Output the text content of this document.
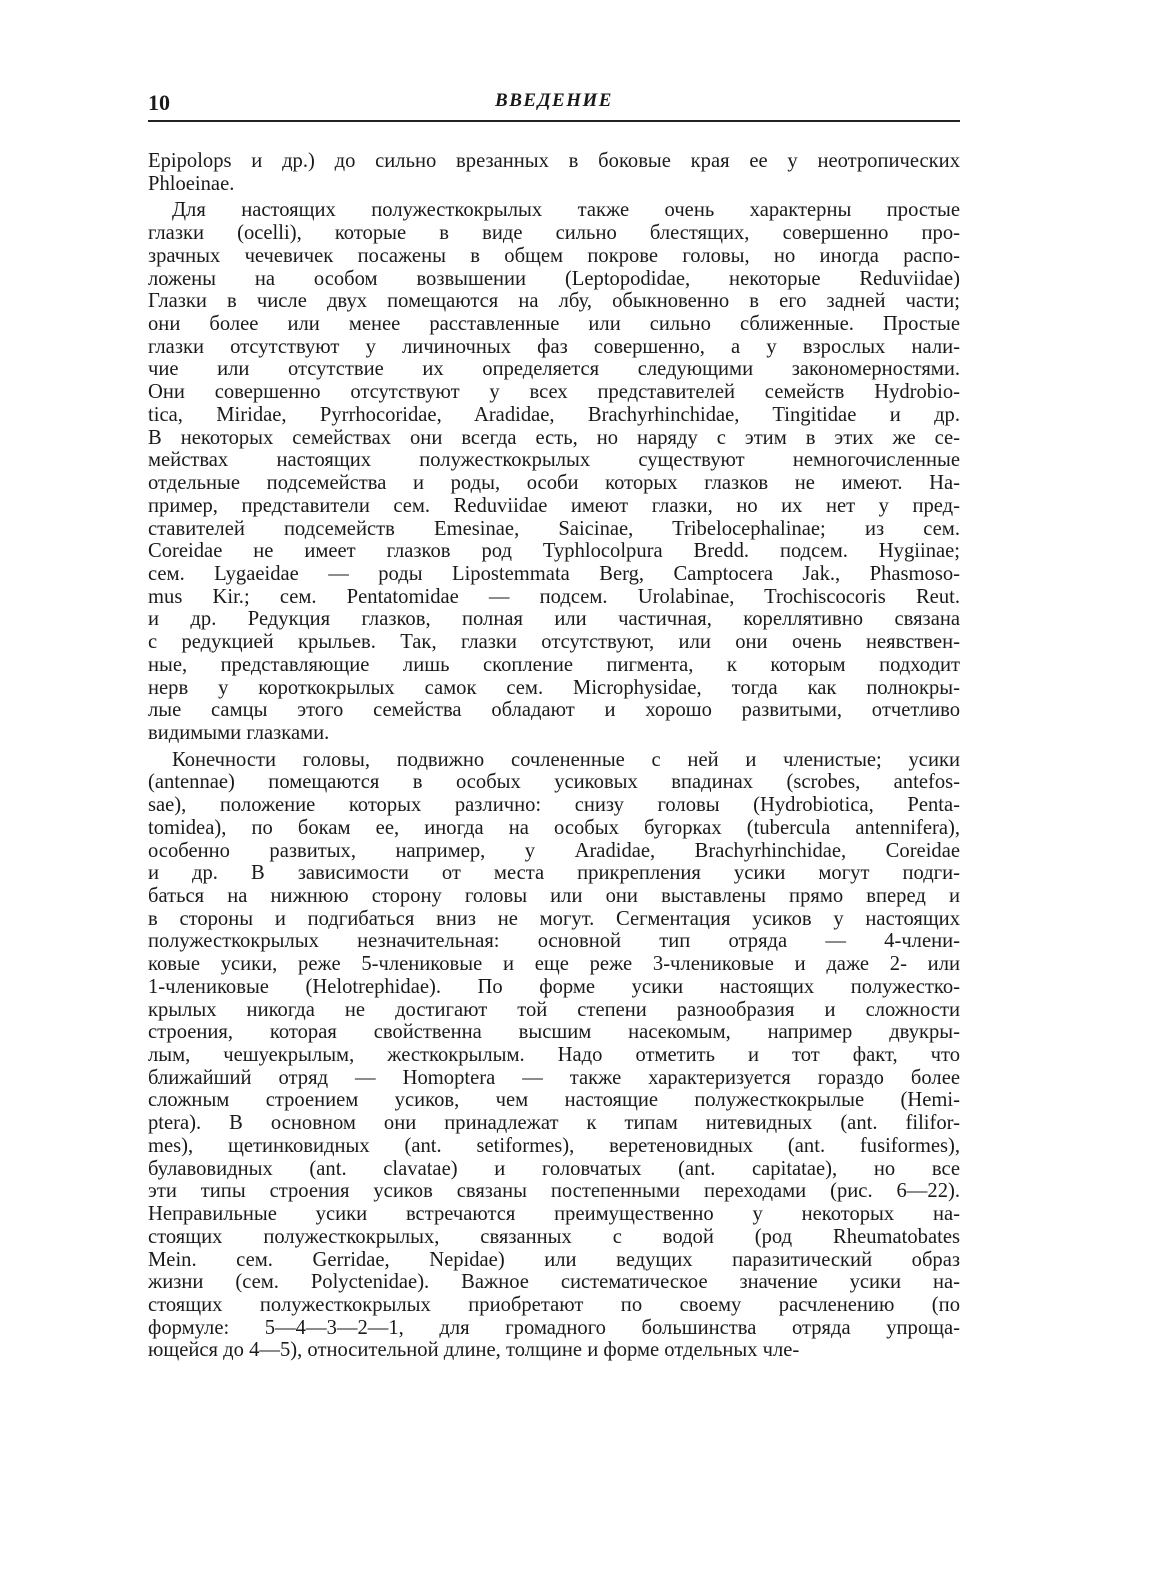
10	ВВЕДЕНИЕ
Epipolops и др.) до сильно врезанных в боковые края ее у неотропических
Phloeinae.
Для настоящих полужесткокрылых также очень характерны простые
глазки (ocelli), которые в виде сильно блестящих, совершенно про-
зрачных чечевичек посажены в общем покрове головы, но иногда распо-
ложены на особом возвышении (Leptopodidae, некоторые Reduviidae)
Глазки в числе двух помещаются на лбу, обыкновенно в его задней части;
они более или менее расставленные или сильно сближенные. Простые
глазки отсутствуют у личиночных фаз совершенно, а у взрослых нали-
чие или отсутствие их определяется следующими закономерностями.
Они совершенно отсутствуют у всех представителей семейств Hydrobio-
tica, Miridae, Pyrrhocoridae, Aradidae, Brachyrhinchidae, Tingitidae и др.
В некоторых семействах они всегда есть, но наряду с этим в этих же се-
мействах настоящих полужесткокрылых существуют немногочисленные
отдельные подсемейства и роды, особи которых глазков не имеют. На-
пример, представители сем. Reduviidae имеют глазки, но их нет у пред-
ставителей подсемейств Emesinae, Saicinae, Tribelocephalinae; из сем.
Coreidae не имеет глазков род Typhlocolpura Bredd. подсем. Hygiinae;
сем. Lygaeidae — роды Lipostemmata Berg, Camptocera Jak., Phasmoso-
mus Kir.; сем. Pentatomidae — подсем. Urolabinae, Trochiscocoris Reut.
и др. Редукция глазков, полная или частичная, кореллятивно связана
с редукцией крыльев. Так, глазки отсутствуют, или они очень неявствен-
ные, представляющие лишь скопление пигмента, к которым подходит
нерв у короткокрылых самок сем. Microphysidae, тогда как полнокры-
лые самцы этого семейства обладают и хорошо развитыми, отчетливо
видимыми глазками.
Конечности головы, подвижно сочлененные с ней и членистые; усики
(antennae) помещаются в особых усиковых впадинах (scrobes, antefos-
sae), положение которых различно: снизу головы (Hydrobiotica, Penta-
tomidea), по бокам ее, иногда на особых бугорках (tubercula antennifera),
особенно развитых, например, у Aradidae, Brachyrhinchidae, Coreidae
и др. В зависимости от места прикрепления усики могут подги-
баться на нижнюю сторону головы или они выставлены прямо вперед и
в стороны и подгибаться вниз не могут. Сегментация усиков у настоящих
полужесткокрылых незначительная: основной тип отряда — 4-члени-
ковые усики, реже 5-члениковые и еще реже 3-члениковые и даже 2- или
1-члениковые (Helotrephidae). По форме усики настоящих полужестко-
крылых никогда не достигают той степени разнообразия и сложности
строения, которая свойственна высшим насекомым, например двукры-
лым, чешуекрылым, жесткокрылым. Надо отметить и тот факт, что
ближайший отряд — Homoptera — также характеризуется гораздо более
сложным строением усиков, чем настоящие полужесткокрылые (Hemi-
ptera). В основном они принадлежат к типам нитевидных (ant. filifor-
mes), щетинковидных (ant. setiformes), веретеновидных (ant. fusiformes),
булавовидных (ant. clavatae) и головчатых (ant. capitatae), но все
эти типы строения усиков связаны постепенными переходами (рис. 6—22).
Неправильные усики встречаются преимущественно у некоторых на-
стоящих полужесткокрылых, связанных с водой (род Rheumatobates
Mein. сем. Gerridae, Nepidae) или ведущих паразитический образ
жизни (сем. Polyctenidae). Важное систематическое значение усики на-
стоящих полужесткокрылых приобретают по своему расчленению (по
формуле: 5—4—3—2—1, для громадного большинства отряда упроща-
ющейся до 4—5), относительной длине, толщине и форме отдельных чле-
